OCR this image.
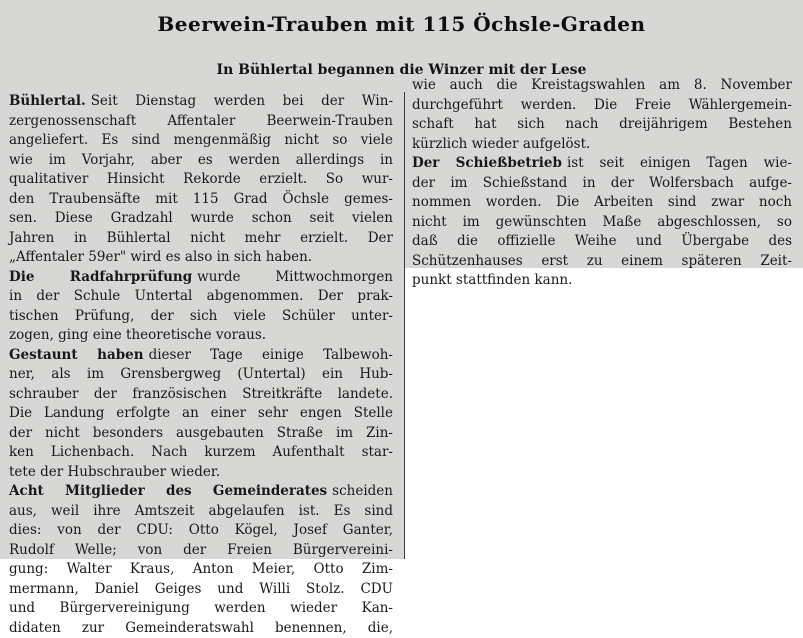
Beerwein-Trauben mit 115 Öchsle-Graden
In Bühlertal begannen die Winzer mit der Lese
Bühlertal. Seit Dienstag werden bei der Win-
zergenossenschaft Affentaler Beerwein-Trauben
angeliefert. Es sind mengenmäßig nicht so viele
wie im Vorjahr, aber es werden allerdings in
qualitativer Hinsicht Rekorde erzielt. So wur-
den Traubensäfte mit 115 Grad Öchsle gemes-
sen. Diese Gradzahl wurde schon seit vielen
Jahren in Bühlertal nicht mehr erzielt. Der
„Affentaler 59er" wird es also in sich haben.
Die Radfahrprüfung wurde Mittwochmorgen
in der Schule Untertal abgenommen. Der prak-
tischen Prüfung, der sich viele Schüler unter-
zogen, ging eine theoretische voraus.
Gestaunt haben dieser Tage einige Talbewoh-
ner, als im Grensbergweg (Untertal) ein Hub-
schrauber der französischen Streitkräfte landete.
Die Landung erfolgte an einer sehr engen Stelle
der nicht besonders ausgebauten Straße im Zin-
ken Lichenbach. Nach kurzem Aufenthalt star-
tete der Hubschrauber wieder.
Acht Mitglieder des Gemeinderates scheiden
aus, weil ihre Amtszeit abgelaufen ist. Es sind
dies: von der CDU: Otto Kögel, Josef Ganter,
Rudolf Welle; von der Freien Bürgervereini-
gung: Walter Kraus, Anton Meier, Otto Zim-
mermann, Daniel Geiges und Willi Stolz. CDU
und Bürgervereinigung werden wieder Kan-
didaten zur Gemeinderatswahl benennen, die,
wie auch die Kreistagswahlen am 8. November
durchgeführt werden. Die Freie Wählergemein-
schaft hat sich nach dreijährigem Bestehen
kürzlich wieder aufgelöst.
Der Schießbetrieb ist seit einigen Tagen wie-
der im Schießstand in der Wolfersbach aufge-
nommen worden. Die Arbeiten sind zwar noch
nicht im gewünschten Maße abgeschlossen, so
daß die offizielle Weihe und Übergabe des
Schützenhauses erst zu einem späteren Zeit-
punkt stattfinden kann.
